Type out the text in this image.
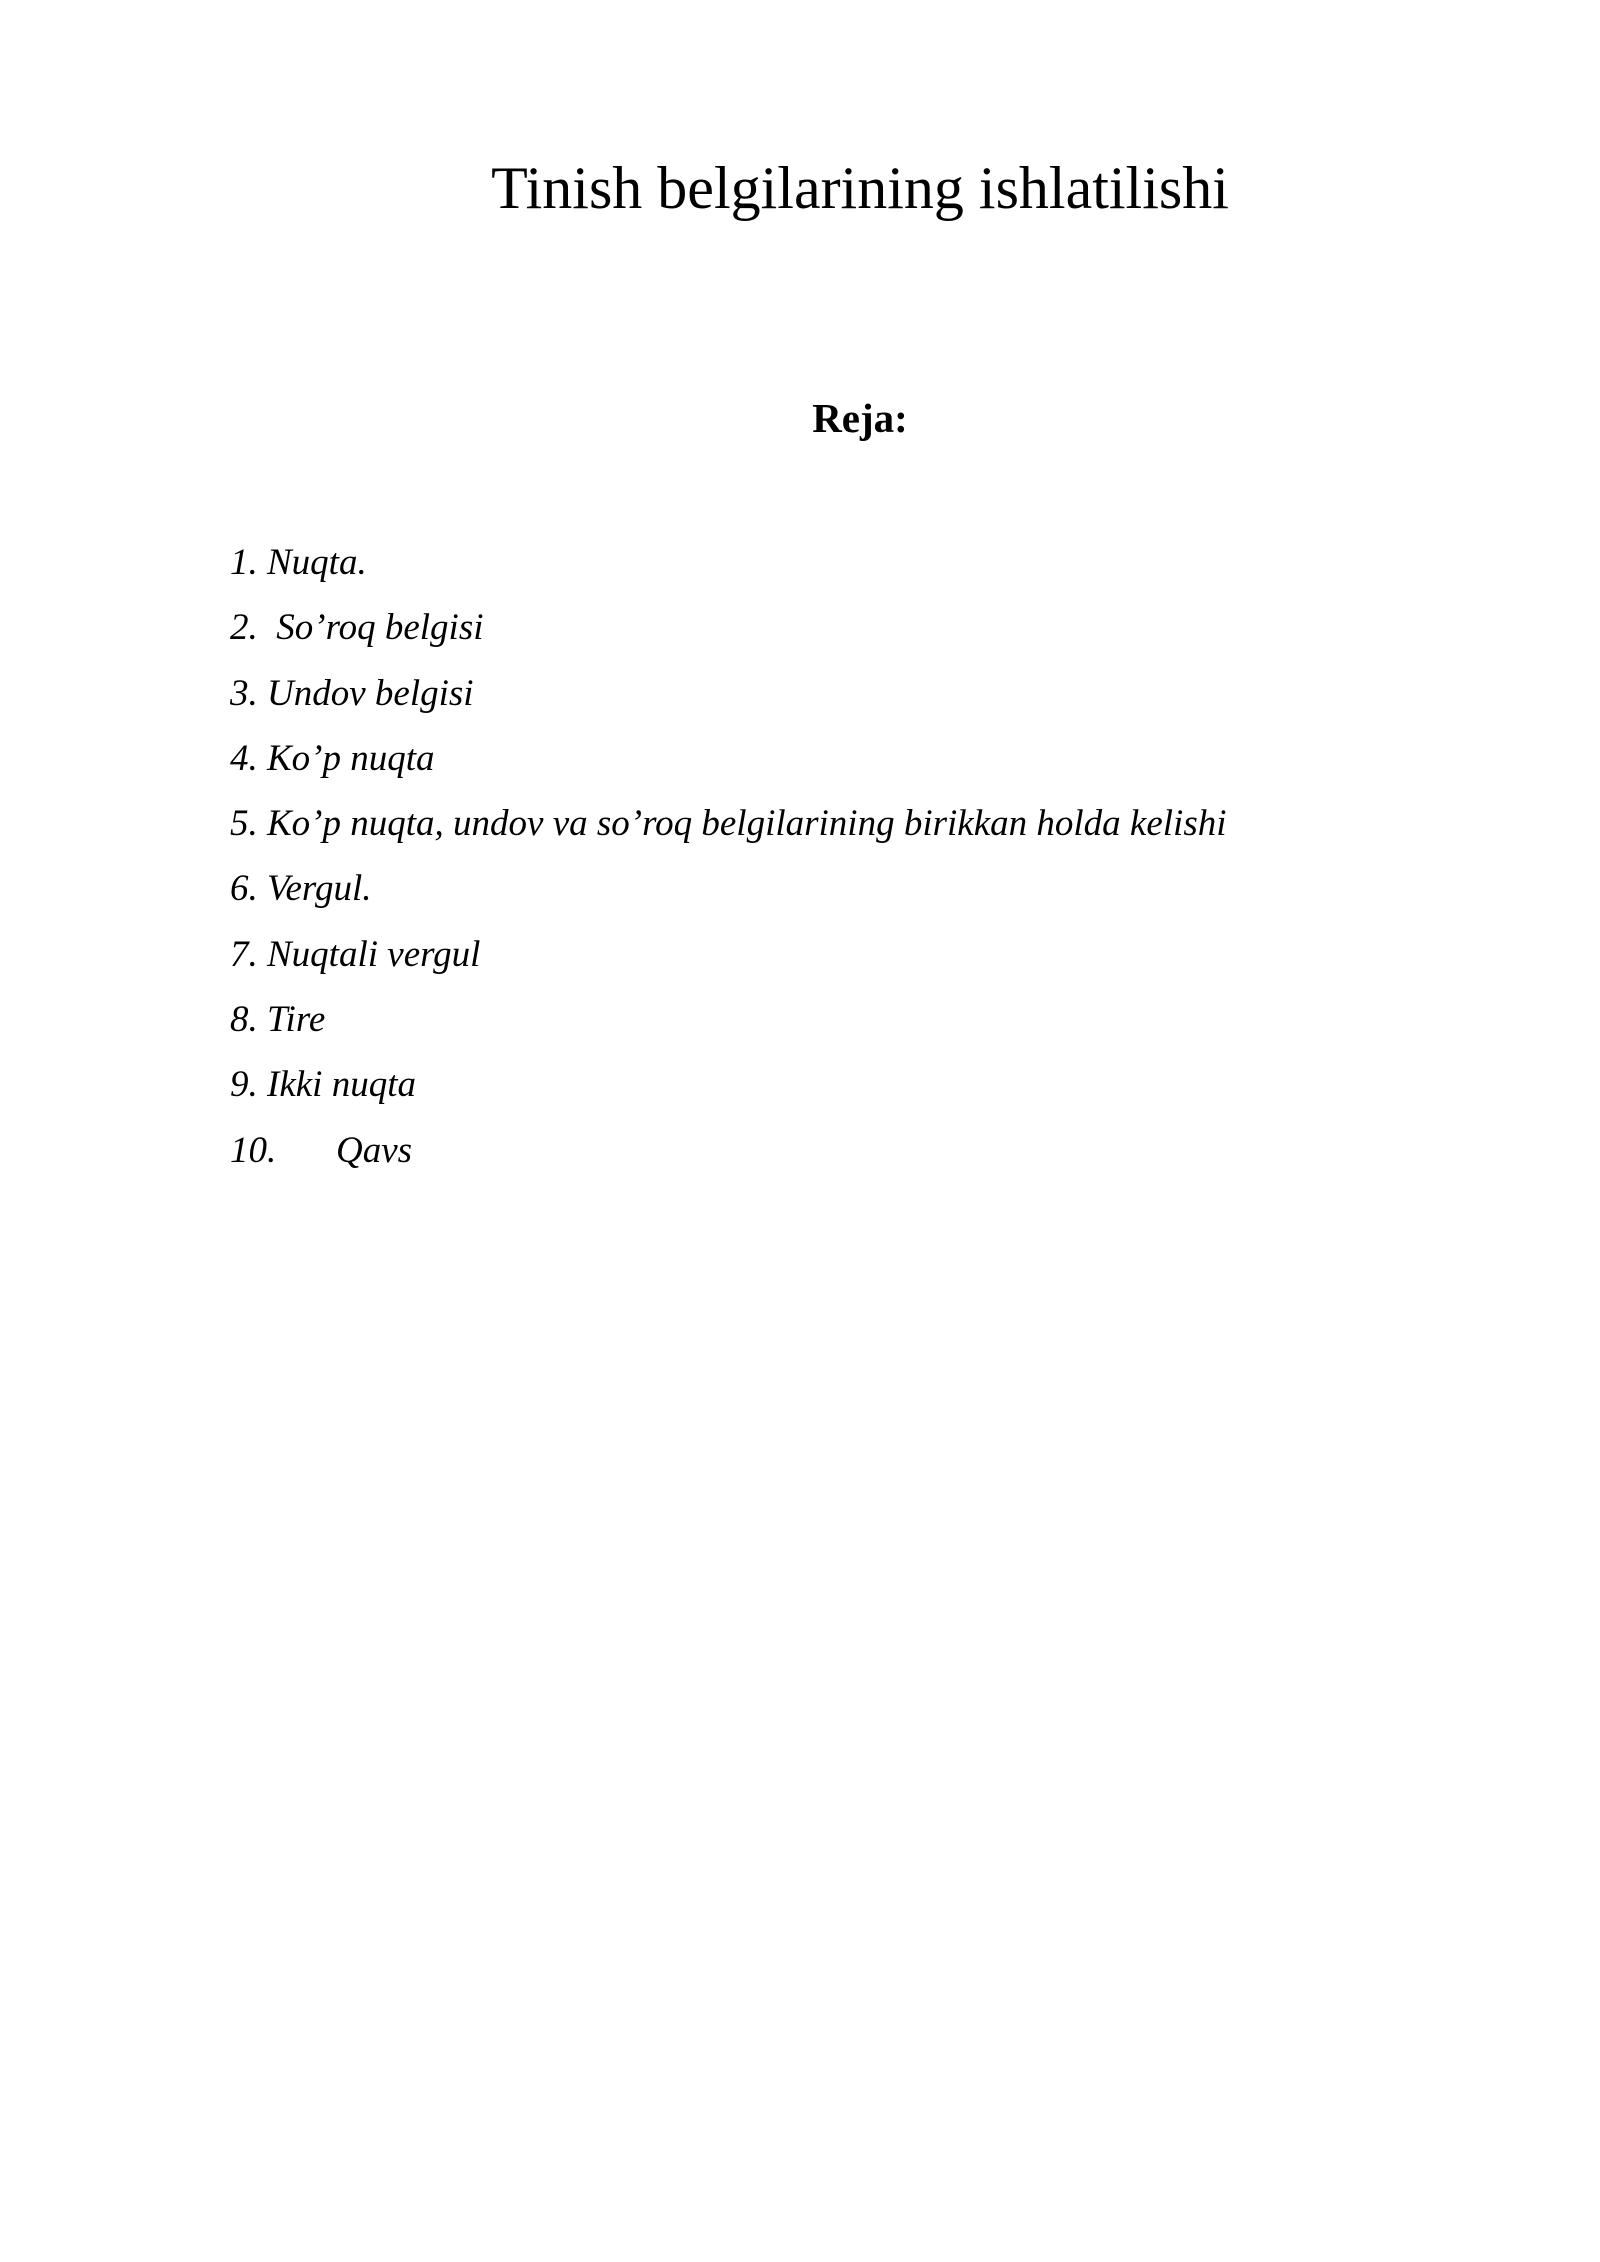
Tinish belgilarining ishlatilishi
Reja:
1. Nuqta.
2.  So’roq belgisi
3. Undov belgisi
4. Ko’p nuqta
5. Ko’p nuqta, undov va so’roq belgilarining birikkan holda kelishi
6. Vergul.
7. Nuqtali vergul
8. Tire
9. Ikki nuqta
10. Qavs
